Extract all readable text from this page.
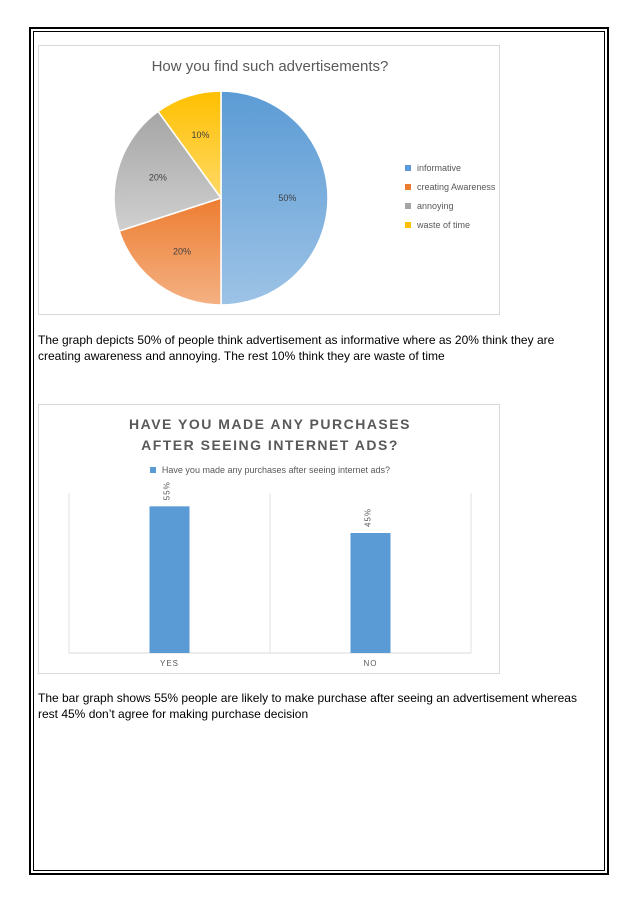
50%
20%
20%
10%
How you find such advertisements?
informative
creating Awareness
annoying
waste of time
The graph depicts 50% of people think advertisement as informative where as 20% think they are creating awareness and annoying. The rest 10% think they are waste of time
55%
YES
45%
NO
HAVE YOU MADE ANY PURCHASES AFTER SEEING INTERNET ADS?
Have you made any purchases after seeing internet ads?
The bar graph shows 55% people are likely to make purchase after seeing an advertisement whereas rest 45% don’t agree for making purchase decision
